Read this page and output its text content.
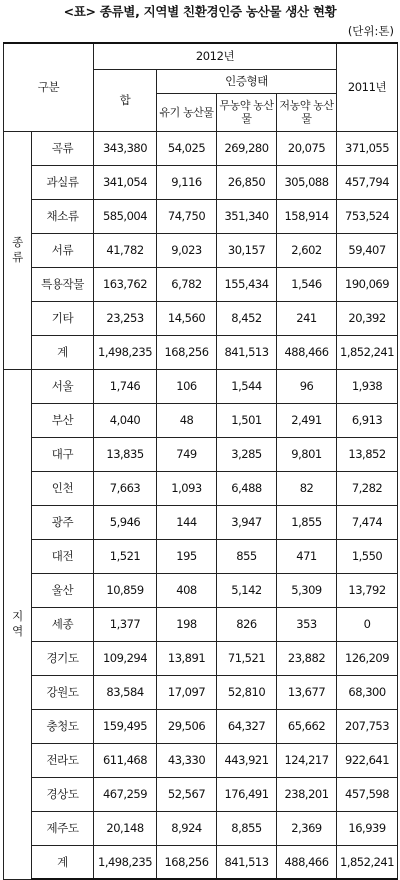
<표> 종류별, 지역별 친환경인증 농산물 생산 현황
(단위:톤)
구분		2012년				2011년
		합	인증형태			
			유기 농산물	무농약 농산물	저농약 농산물	

종류	곡류	343,380	54,025	269,280	20,075	371,055
	과실류	341,054	9,116	26,850	305,088	457,794
	채소류	585,004	74,750	351,340	158,914	753,524
	서류	41,782	9,023	30,157	2,602	59,407
	특용작물	163,762	6,782	155,434	1,546	190,069
	기타	23,253	14,560	8,452	241	20,392
	계	1,498,235	168,256	841,513	488,466	1,852,241

지역	서울	1,746	106	1,544	96	1,938
	부산	4,040	48	1,501	2,491	6,913
	대구	13,835	749	3,285	9,801	13,852
	인천	7,663	1,093	6,488	82	7,282
	광주	5,946	144	3,947	1,855	7,474
	대전	1,521	195	855	471	1,550
	울산	10,859	408	5,142	5,309	13,792
	세종	1,377	198	826	353	0
	경기도	109,294	13,891	71,521	23,882	126,209
	강원도	83,584	17,097	52,810	13,677	68,300
	충청도	159,495	29,506	64,327	65,662	207,753
	전라도	611,468	43,330	443,921	124,217	922,641
	경상도	467,259	52,567	176,491	238,201	457,598
	제주도	20,148	8,924	8,855	2,369	16,939
	계	1,498,235	168,256	841,513	488,466	1,852,241
